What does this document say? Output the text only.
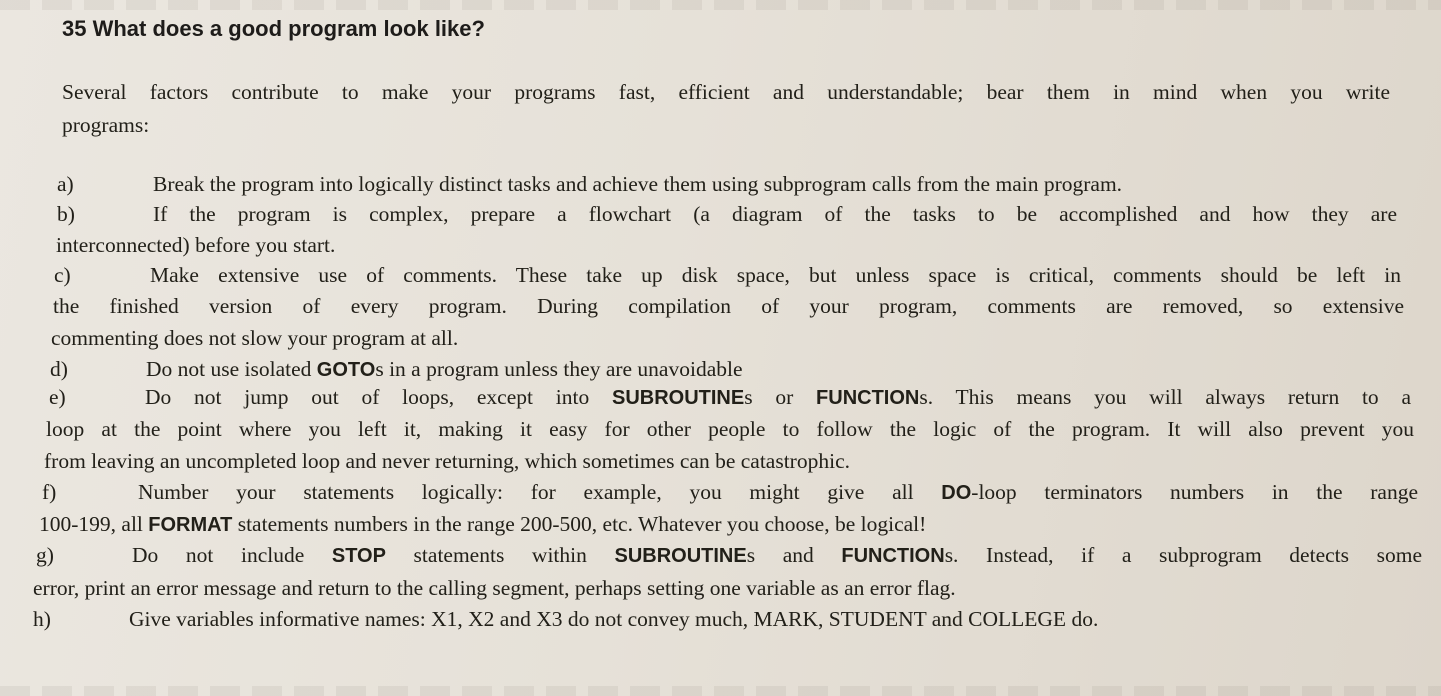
35 What does a good program look like?
Several factors contribute to make your programs fast, efficient and understandable; bear them in mind when you write
programs:
a)	Break the program into logically distinct tasks and achieve them using subprogram calls from the main program.
b)	If the program is complex, prepare a flowchart (a diagram of the tasks to be accomplished and how they are
interconnected) before you start.
c)	Make extensive use of comments. These take up disk space, but unless space is critical, comments should be left in
the finished version of every program. During compilation of your program, comments are removed, so extensive
commenting does not slow your program at all.
d)	Do not use isolated GOTOs in a program unless they are unavoidable
e)	Do not jump out of loops, except into SUBROUTINEs or FUNCTIONs. This means you will always return to a
loop at the point where you left it, making it easy for other people to follow the logic of the program. It will also prevent you
from leaving an uncompleted loop and never returning, which sometimes can be catastrophic.
f)	Number your statements logically: for example, you might give all DO-loop terminators numbers in the range
100-199, all FORMAT statements numbers in the range 200-500, etc. Whatever you choose, be logical!
g)	Do not include STOP statements within SUBROUTINEs and FUNCTIONs. Instead, if a subprogram detects some
error, print an error message and return to the calling segment, perhaps setting one variable as an error flag.
h)	Give variables informative names: X1, X2 and X3 do not convey much, MARK, STUDENT and COLLEGE do.
